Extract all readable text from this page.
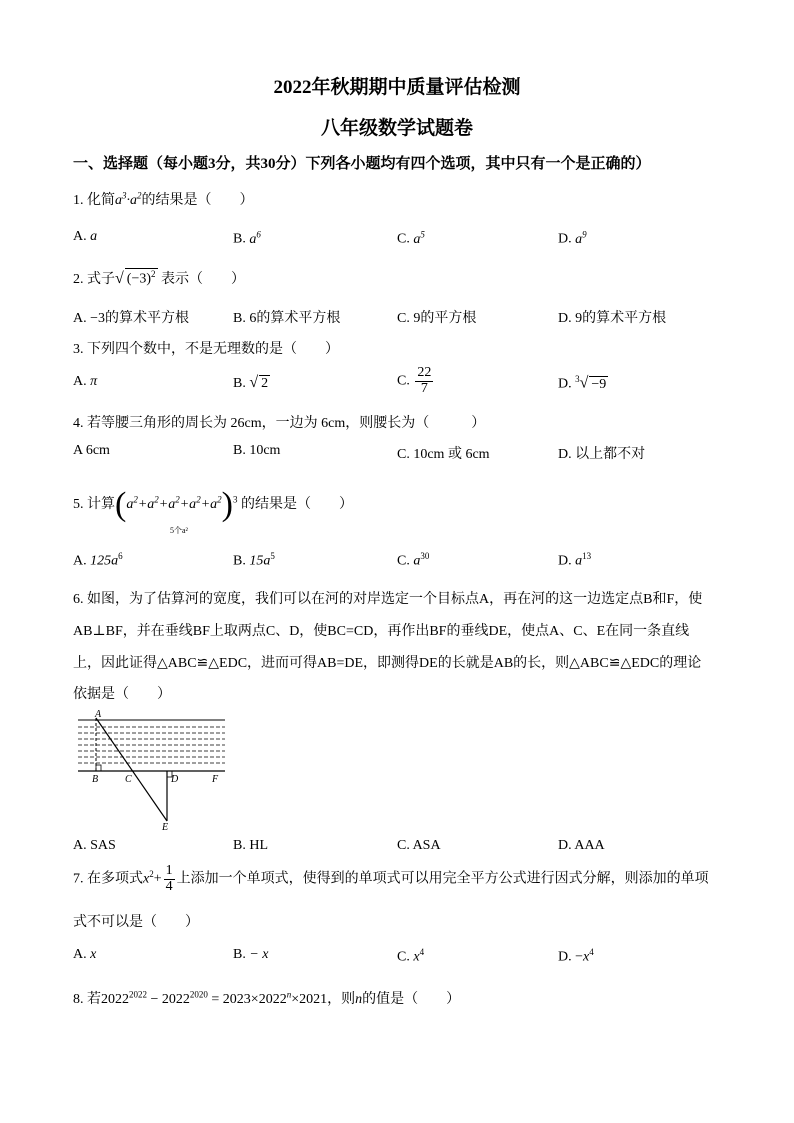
2022年秋期期中质量评估检测
八年级数学试题卷
一、选择题（每小题3分，共30分）下列各小题均有四个选项，其中只有一个是正确的）
1. 化简$a^3\cdot a^2$的结果是（　　）
A. a	B. $a^6$	C. $a^5$	D. $a^9$
2. 式子√ $(-3)^2$ 表示（　　）
A. −3的算术平方根	B. 6的算术平方根	C. 9的平方根	D. 9的算术平方根
3. 下列四个数中，不是无理数的是（　　）
A. π	B. √ 2	C. $\frac{22}{7}$	D. $^3$√ −9
4. 若等腰三角形的周长为 26cm，一边为 6cm，则腰长为（　　　）
A 6cm	B. 10cm	C. 10cm 或 6cm	D. 以上都不对
5. 计算$(a^2+a^2+a^2+a^2+a^2)^3$ 的结果是（　　）
5个a²
A. $125a^6$	B. $15a^5$	C. $a^{30}$	D. $a^{13}$
6. 如图，为了估算河的宽度，我们可以在河的对岸选定一个目标点A，再在河的这一边选定点B和F，使
AB⊥BF，并在垂线BF上取两点C、D，使BC=CD，再作出BF的垂线DE，使点A、C、E在同一条直线
上，因此证得△ABC≌△EDC，进而可得AB=DE，即测得DE的长就是AB的长，则△ABC≌△EDC的理论
依据是（　　）
A
B	C	D
E
F
A. SAS	B. HL	C. ASA	D. AAA
7. 在多项式$x^2+ \frac{1}{4}$ 上添加一个单项式，使得到的单项式可以用完全平方公式进行因式分解，则添加的单项
式不可以是（　　）
A. x	B. − x	C. $x^4$	D. $-x^4$
8. 若$2022^{2022} - 2022^{2020} = 2023\times 2022^n\times 2021$，则n的值是（　　）
